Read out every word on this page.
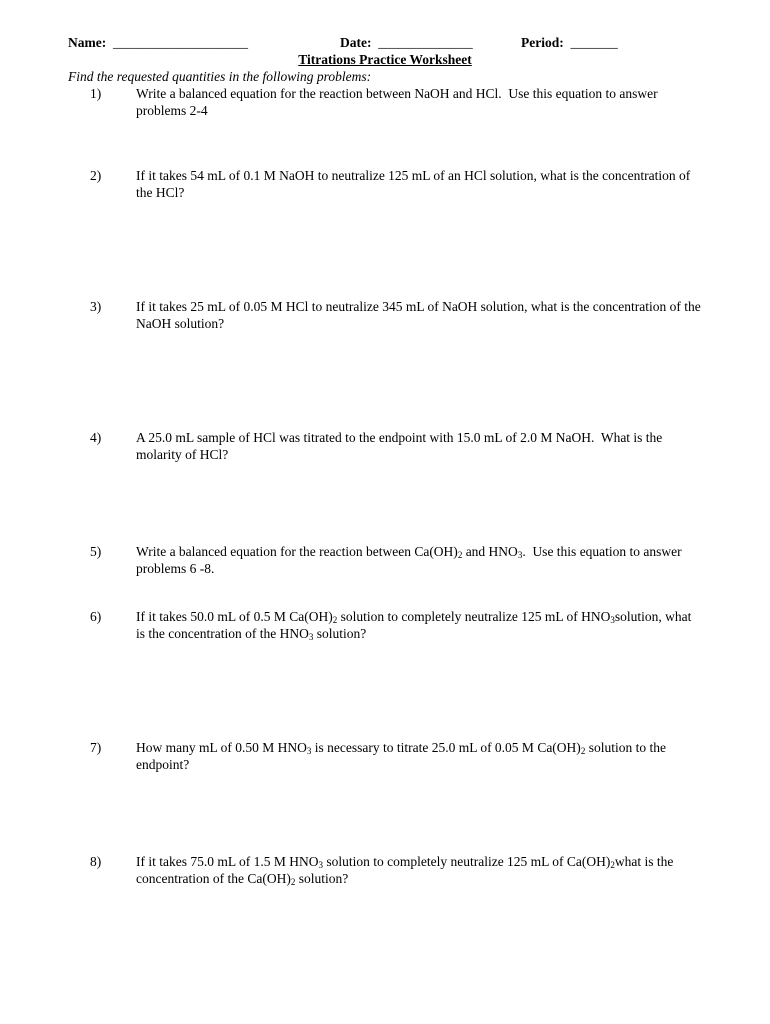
Name: ____________________	Date: ______________	Period: _______
Titrations Practice Worksheet
Find the requested quantities in the following problems:
1)	Write a balanced equation for the reaction between NaOH and HCl.  Use this equation to answer problems 2-4
2)	If it takes 54 mL of 0.1 M NaOH to neutralize 125 mL of an HCl solution, what is the concentration of the HCl?
3)	If it takes 25 mL of 0.05 M HCl to neutralize 345 mL of NaOH solution, what is the concentration of the NaOH solution?
4)	A 25.0 mL sample of HCl was titrated to the endpoint with 15.0 mL of 2.0 M NaOH.  What is the molarity of HCl?
5)	Write a balanced equation for the reaction between $Ca(OH)_2$ and $HNO_3$.  Use this equation to answer problems 6 -8.
6)	If it takes 50.0 mL of 0.5 M $Ca(OH)_2$ solution to completely neutralize 125 mL of $HNO_3solution$, what is the concentration of the $HNO_3$ solution?
7)	How many mL of 0.50 M $HNO_3$ is necessary to titrate 25.0 mL of 0.05 M $Ca(OH)_2$ solution to the endpoint?
8)	If it takes 75.0 mL of 1.5 M $HNO_3$ solution to completely neutralize 125 mL of $Ca(OH)_2what$ is the concentration of the $Ca(OH)_2$ solution?
